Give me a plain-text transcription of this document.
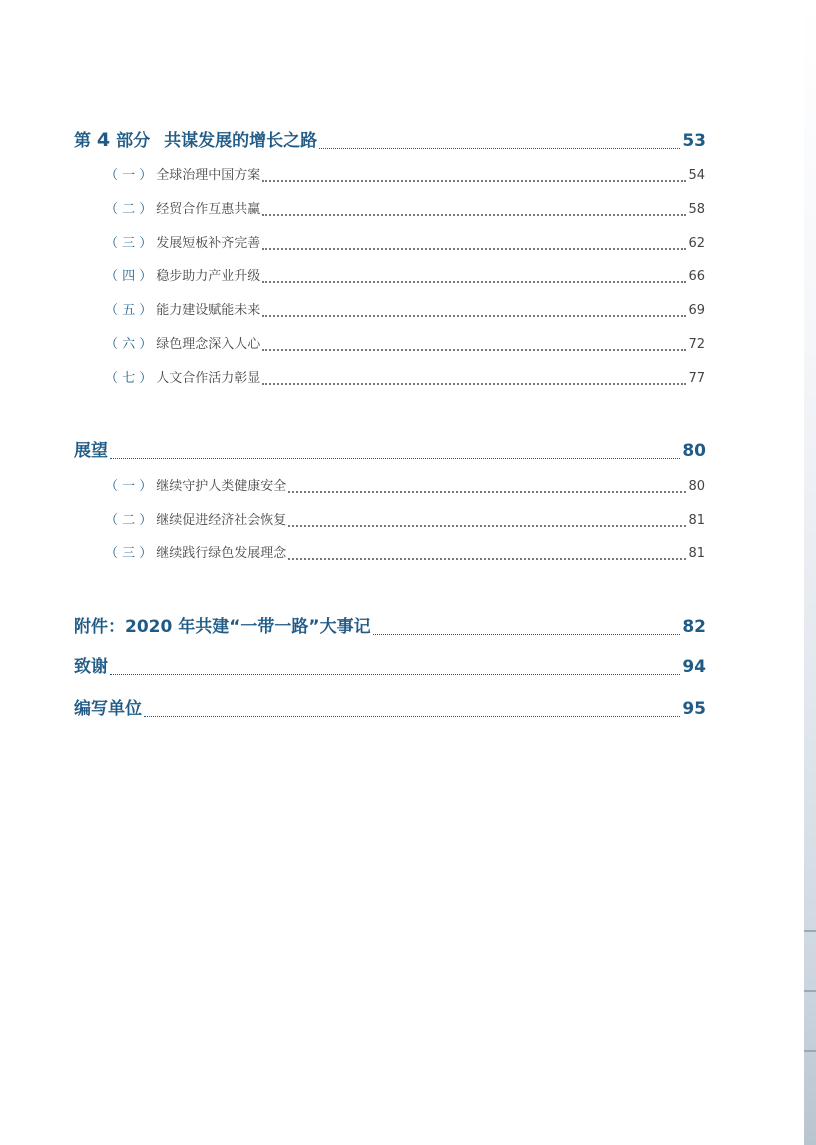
第 4 部分 共谋发展的增长之路	53
（ 一 ） 全球治理中国方案	54
（ 二 ） 经贸合作互惠共赢	58
（ 三 ） 发展短板补齐完善	62
（ 四 ） 稳步助力产业升级	66
（ 五 ） 能力建设赋能未来	69
（ 六 ） 绿色理念深入人心	72
（ 七 ） 人文合作活力彰显	77
展望	80
（ 一 ） 继续守护人类健康安全	80
（ 二 ） 继续促进经济社会恢复	81
（ 三 ） 继续践行绿色发展理念	81
附件：2020 年共建“一带一路”大事记	82
致谢	94
编写单位	95
